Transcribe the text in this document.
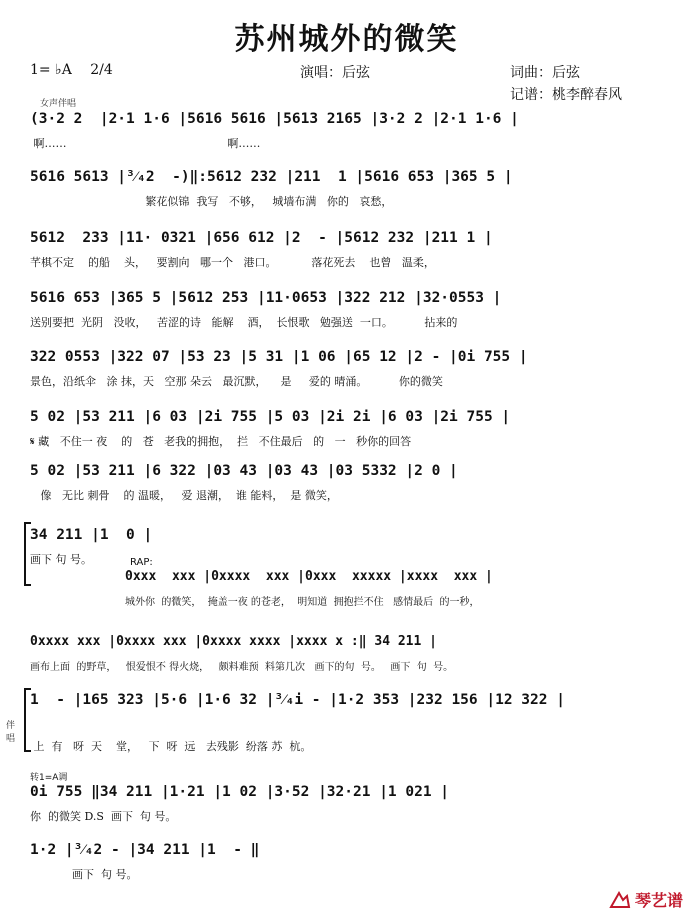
苏州城外的微笑
1= ♭A 2/4	演唱：后弦	词曲：后弦
记谱：桃李醉春风
女声伴唱
(3·2 2  |2·1 1·6 |5616 5616 |5613 2165 |3·2 2 |2·1 1·6 |
啊……                                              啊……
5616 5613 |³⁄₄2  -)‖:5612 232 |211  1 |5616 653 |365 5 |
繁花似锦  我写   不够，   城墙布满   你的   哀愁，
5612  233 |11· 0321 |656 612 |2  - |5612 232 |211 1 |
芊棋不定    的船    头，   要割向   哪一个   港口。          落花死去    也曾   温柔，
5616 653 |365 5 |5612 253 |11·0653 |322 212 |32·0553 |
送别要把  光阴   没收，   苦涩的诗   能解    酒，  长恨歌   勉强送  一口。         拈来的
322 0553 |322 07 |53 23 |5 31 |1 06 |65 12 |2 - |0i 755 |
景色，沿纸伞   涂 抹，天   空那 朵云   最沉默，    是     爱的 晴涌。         你的微笑
5 02 |53 211 |6 03 |2i 755 |5 03 |2i 2i |6 03 |2i 755 |
𝄋 藏   不住一 夜    的   苍   老我的拥抱，  拦   不住最后   的   一   秒你的回答
5 02 |53 211 |6 322 |03 43 |03 43 |03 5332 |2 0 |
像   无比 刺骨    的 温暖，   爱 退潮，  谁 能料，  是 微笑，
34 211 |1  0 |
画下 句 号。	RAP:
0xxx  xxx |0xxxx  xxx |0xxx  xxxxx |xxxx  xxx |
城外你  的微笑，  掩盖一夜 的苍老，  明知道  拥抱拦不住   感情最后  的一秒，
0xxxx xxx |0xxxx xxx |0xxxx xxxx |xxxx x :‖ 34 211 |
画布上面  的野草，   恨爱恨不 得火烧，   颇料难预  料第几次   画下的句  号。   画下  句  号。
伴唱
1  - |165 323 |5·6 |1·6 32 |³⁄₄i - |1·2 353 |232 156 |12 322 |
上  有   呀  天    堂，   下  呀  远   去残影  纷落 苏  杭。
转1=A调
0i 755 ‖34 211 |1·21 |1 02 |3·52 |32·21 |1 021 |
你  的微笑 D.S  画下  句 号。
1·2 |³⁄₄2 - |34 211 |1  - ‖
画下  句 号。
琴艺谱
